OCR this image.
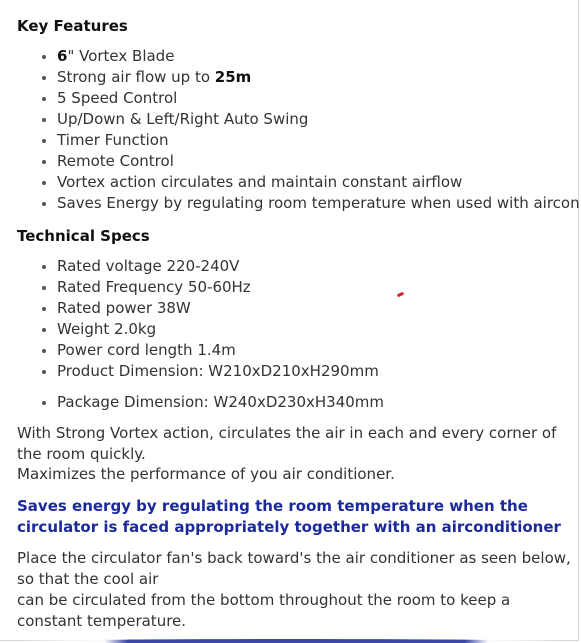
Key Features
6" Vortex Blade
Strong air flow up to 25m
5 Speed Control
Up/Down & Left/Right Auto Swing
Timer Function
Remote Control
Vortex action circulates and maintain constant airflow
Saves Energy by regulating room temperature when used with aircon
Technical Specs
Rated voltage 220-240V
Rated Frequency 50-60Hz
Rated power 38W
Weight 2.0kg
Power cord length 1.4m
Product Dimension: W210xD210xH290mm
Package Dimension: W240xD230xH340mm

With Strong Vortex action, circulates the air in each and every corner of the room quickly.

Maximizes the performance of you air conditioner.

Saves energy by regulating the room temperature when the circulator is faced appropriately together with an airconditioner

Place the circulator fan's back toward's the air conditioner as seen below, so that the cool air

can be circulated from the bottom throughout the room to keep a constant temperature.
